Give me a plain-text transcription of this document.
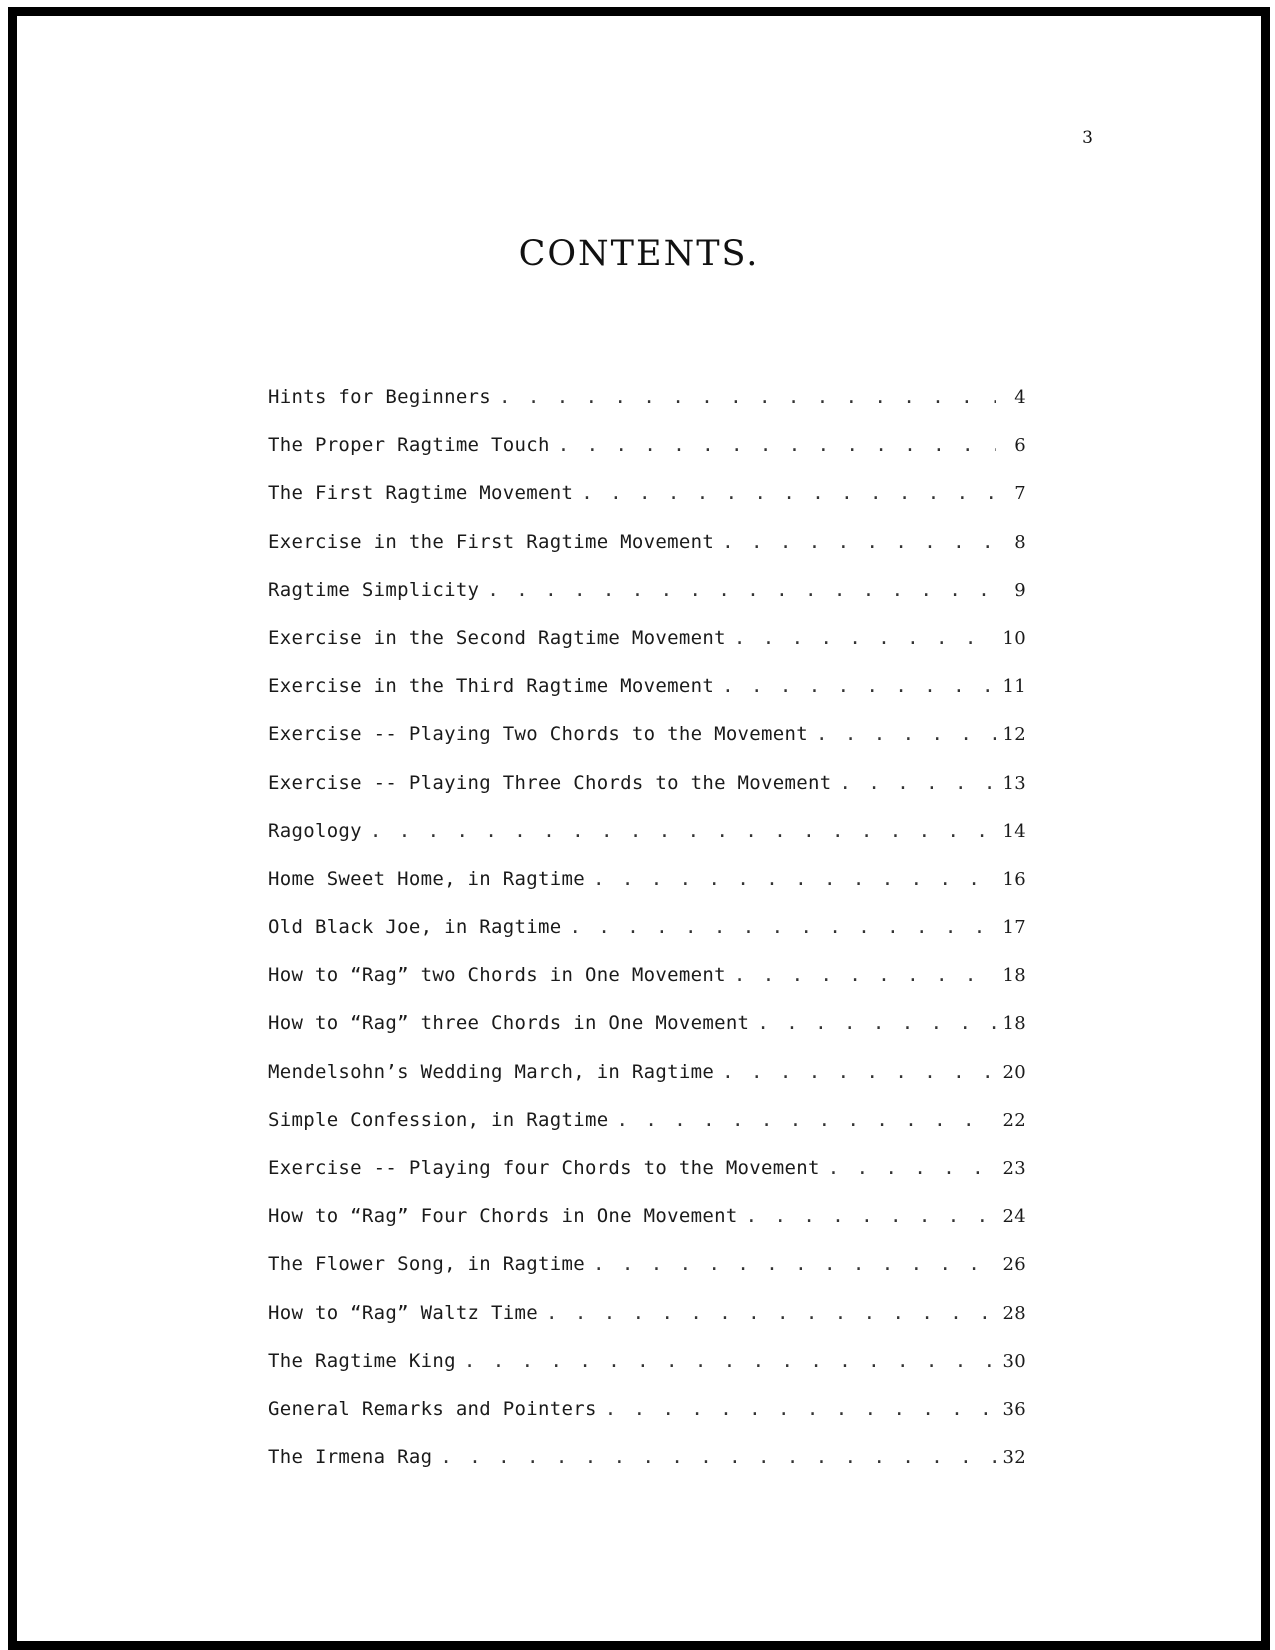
3
CONTENTS.
Hints for Beginners . . .	4
The Proper Ragtime Touch . . .	6
The First Ragtime Movement . . .	7
Exercise in the First Ragtime Movement . . .	8
Ragtime Simplicity . . .	9
Exercise in the Second Ragtime Movement . . .	10
Exercise in the Third Ragtime Movement . . .	11
Exercise -- Playing Two Chords to the Movement . . .	12
Exercise -- Playing Three Chords to the Movement . . .	13
Ragology . . .	14
Home Sweet Home, in Ragtime . . .	16
Old Black Joe, in Ragtime . . .	17
How to “Rag” two Chords in One Movement . . .	18
How to “Rag” three Chords in One Movement . . .	18
Mendelsohn’s Wedding March, in Ragtime . . .	20
Simple Confession, in Ragtime . . .	22
Exercise -- Playing four Chords to the Movement . . .	23
How to “Rag” Four Chords in One Movement . . .	24
The Flower Song, in Ragtime . . .	26
How to “Rag” Waltz Time . . .	28
The Ragtime King . . .	30
General Remarks and Pointers . . .	36
The Irmena Rag . . .	32
